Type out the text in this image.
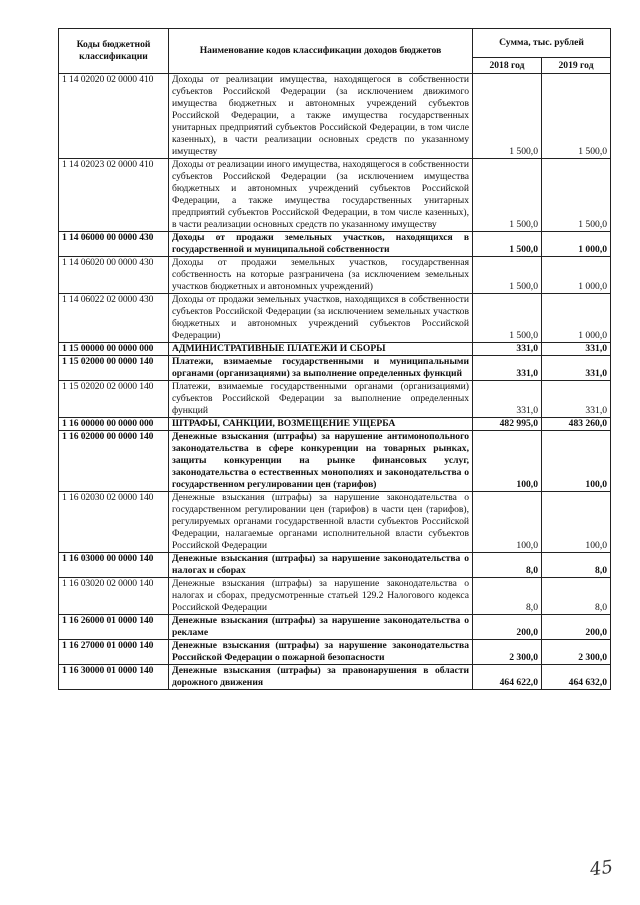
Коды бюджетной классификации	Наименование кодов классификации доходов бюджетов	Сумма, тыс. рублей	
		2018 год	2019 год
1 14 02020 02 0000 410	Доходы от реализации имущества, находящегося в собственности субъектов Российской Федерации (за исключением движимого имущества бюджетных и автономных учреждений субъектов Российской Федерации, а также имущества государственных унитарных предприятий субъектов Российской Федерации, в том числе казенных), в части реализации основных средств по указанному имуществу	1 500,0	1 500,0
1 14 02023 02 0000 410	Доходы от реализации иного имущества, находящегося в собственности субъектов Российской Федерации (за исключением имущества бюджетных и автономных учреждений субъектов Российской Федерации, а также имущества государственных унитарных предприятий субъектов Российской Федерации, в том числе казенных), в части реализации основных средств по указанному имуществу	1 500,0	1 500,0
1 14 06000 00 0000 430	Доходы от продажи земельных участков, находящихся в государственной и муниципальной собственности	1 500,0	1 000,0
1 14 06020 00 0000 430	Доходы от продажи земельных участков, государственная собственность на которые разграничена (за исключением земельных участков бюджетных и автономных учреждений)	1 500,0	1 000,0
1 14 06022 02 0000 430	Доходы от продажи земельных участков, находящихся в собственности субъектов Российской Федерации (за исключением земельных участков бюджетных и автономных учреждений субъектов Российской Федерации)	1 500,0	1 000,0
1 15 00000 00 0000 000	АДМИНИСТРАТИВНЫЕ ПЛАТЕЖИ И СБОРЫ	331,0	331,0
1 15 02000 00 0000 140	Платежи, взимаемые государственными и муниципальными органами (организациями) за выполнение определенных функций	331,0	331,0
1 15 02020 02 0000 140	Платежи, взимаемые государственными органами (организациями) субъектов Российской Федерации за выполнение определенных функций	331,0	331,0
1 16 00000 00 0000 000	ШТРАФЫ, САНКЦИИ, ВОЗМЕЩЕНИЕ УЩЕРБА	482 995,0	483 260,0
1 16 02000 00 0000 140	Денежные взыскания (штрафы) за нарушение антимонопольного законодательства в сфере конкуренции на товарных рынках, защиты конкуренции на рынке финансовых услуг, законодательства о естественных монополиях и законодательства о государственном регулировании цен (тарифов)	100,0	100,0
1 16 02030 02 0000 140	Денежные взыскания (штрафы) за нарушение законодательства о государственном регулировании цен (тарифов) в части цен (тарифов), регулируемых органами государственной власти субъектов Российской Федерации, налагаемые органами исполнительной власти субъектов Российской Федерации	100,0	100,0
1 16 03000 00 0000 140	Денежные взыскания (штрафы) за нарушение законодательства о налогах и сборах	8,0	8,0
1 16 03020 02 0000 140	Денежные взыскания (штрафы) за нарушение законодательства о налогах и сборах, предусмотренные статьей 129.2 Налогового кодекса Российской Федерации	8,0	8,0
1 16 26000 01 0000 140	Денежные взыскания (штрафы) за нарушение законодательства о рекламе	200,0	200,0
1 16 27000 01 0000 140	Денежные взыскания (штрафы) за нарушение законодательства Российской Федерации о пожарной безопасности	2 300,0	2 300,0
1 16 30000 01 0000 140	Денежные взыскания (штрафы) за правонарушения в области дорожного движения	464 622,0	464 632,0
45
